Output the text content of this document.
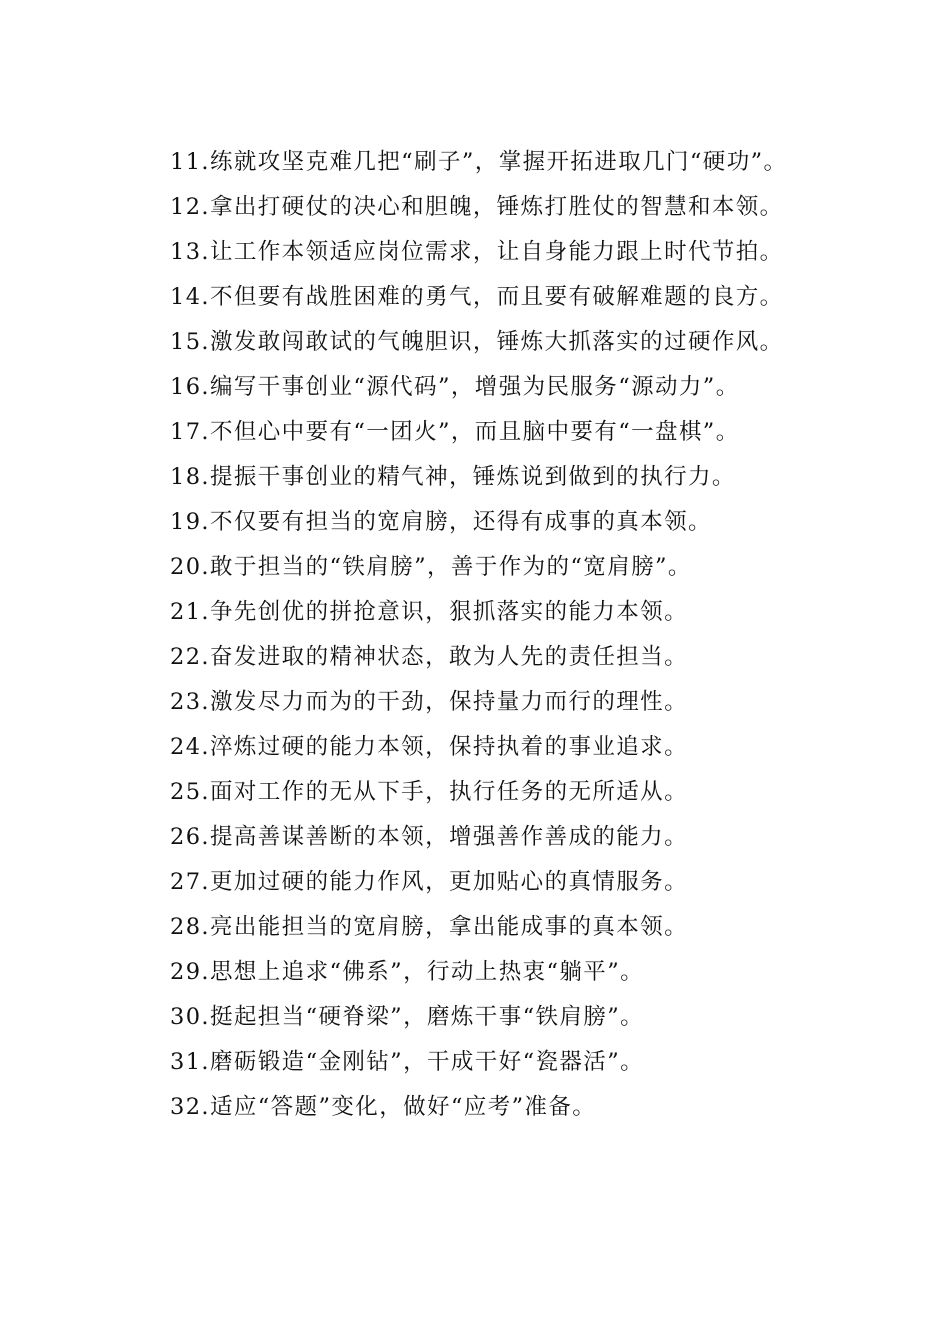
11.练就攻坚克难几把“刷子”，掌握开拓进取几门“硬功”。

12.拿出打硬仗的决心和胆魄，锤炼打胜仗的智慧和本领。

13.让工作本领适应岗位需求，让自身能力跟上时代节拍。

14.不但要有战胜困难的勇气，而且要有破解难题的良方。

15.激发敢闯敢试的气魄胆识，锤炼大抓落实的过硬作风。

16.编写干事创业“源代码”，增强为民服务“源动力”。

17.不但心中要有“一团火”，而且脑中要有“一盘棋”。

18.提振干事创业的精气神，锤炼说到做到的执行力。

19.不仅要有担当的宽肩膀，还得有成事的真本领。

20.敢于担当的“铁肩膀”，善于作为的“宽肩膀”。

21.争先创优的拼抢意识，狠抓落实的能力本领。

22.奋发进取的精神状态，敢为人先的责任担当。

23.激发尽力而为的干劲，保持量力而行的理性。

24.淬炼过硬的能力本领，保持执着的事业追求。

25.面对工作的无从下手，执行任务的无所适从。

26.提高善谋善断的本领，增强善作善成的能力。

27.更加过硬的能力作风，更加贴心的真情服务。

28.亮出能担当的宽肩膀，拿出能成事的真本领。

29.思想上追求“佛系”，行动上热衷“躺平”。

30.挺起担当“硬脊梁”，磨炼干事“铁肩膀”。

31.磨砺锻造“金刚钻”，干成干好“瓷器活”。

32.适应“答题”变化，做好“应考”准备。
